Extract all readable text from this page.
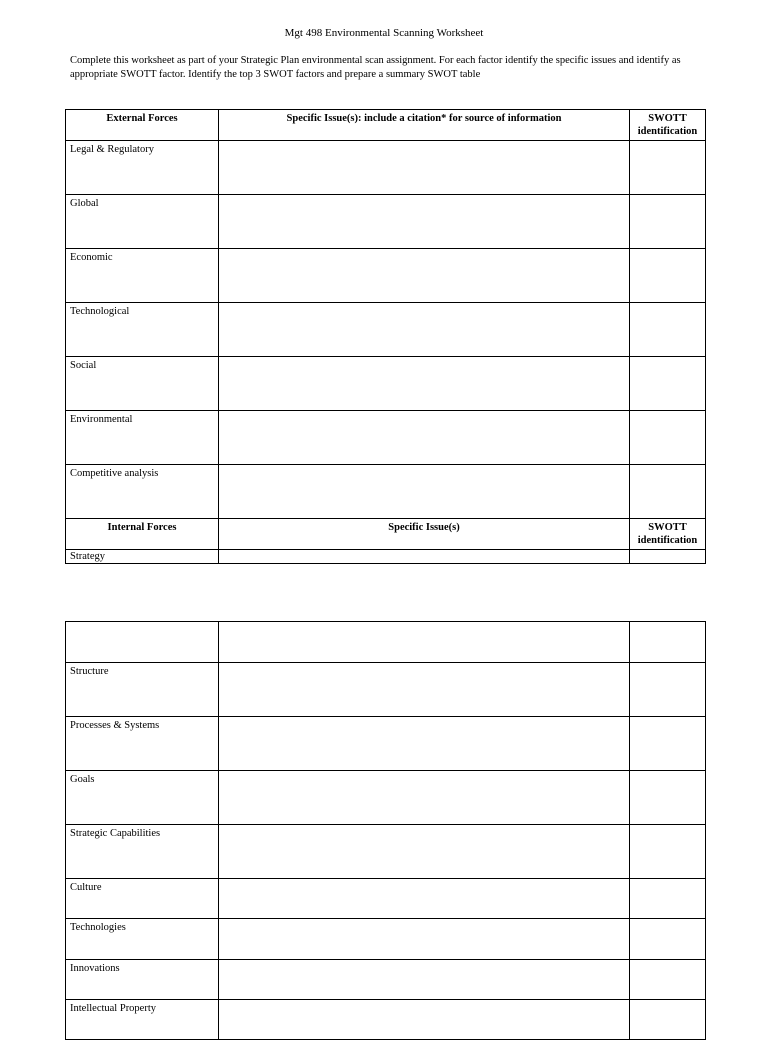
Mgt 498 Environmental Scanning Worksheet
Complete this worksheet as part of your Strategic Plan environmental scan assignment. For each factor identify the specific issues and identify as appropriate SWOTT factor. Identify the top 3 SWOT factors and prepare a summary SWOT table
External Forces	Specific Issue(s): include a citation* for source of information	SWOTT identification
Legal & Regulatory		
Global		
Economic		
Technological		
Social		
Environmental		
Competitive analysis		
Internal Forces	Specific Issue(s)	SWOTT identification
Strategy		

Structure		
Processes & Systems		
Goals		
Strategic Capabilities		
Culture		
Technologies		
Innovations		
Intellectual Property		
